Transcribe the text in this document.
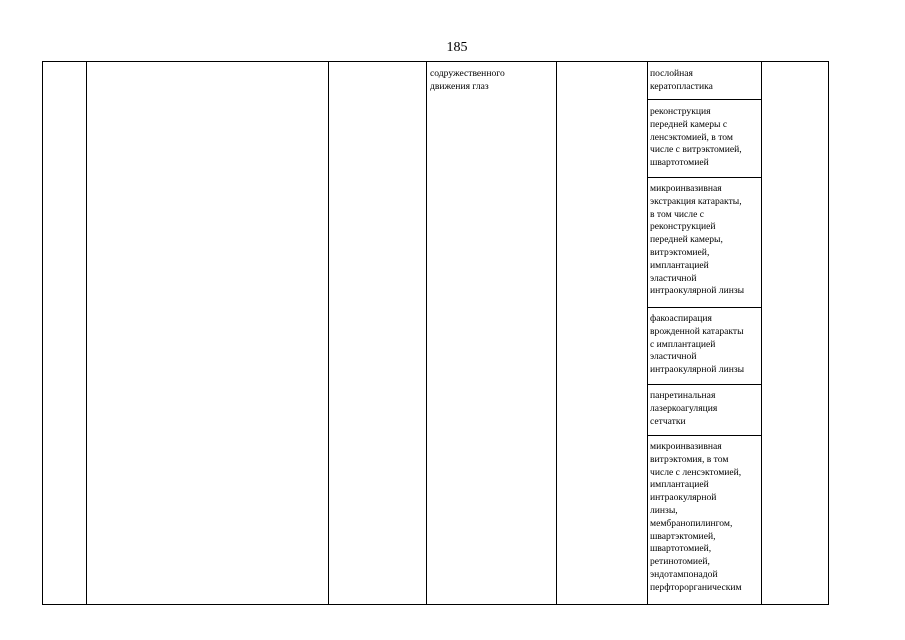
185

содружественного
движения глаз

послойная
кератопластика

реконструкция
передней камеры с
ленсэктомией, в том
числе с витрэктомией,
швартотомией

микроинвазивная
экстракция катаракты,
в том числе с
реконструкцией
передней камеры,
витрэктомией,
имплантацией
эластичной
интраокулярной линзы

факоаспирация
врожденной катаракты
с имплантацией
эластичной
интраокулярной линзы

панретинальная
лазеркоагуляция
сетчатки

микроинвазивная
витрэктомия, в том
числе с ленсэктомией,
имплантацией
интраокулярной
линзы,
мембранопилингом,
швартэктомией,
швартотомией,
ретинотомией,
эндотампонадой
перфторорганическим
